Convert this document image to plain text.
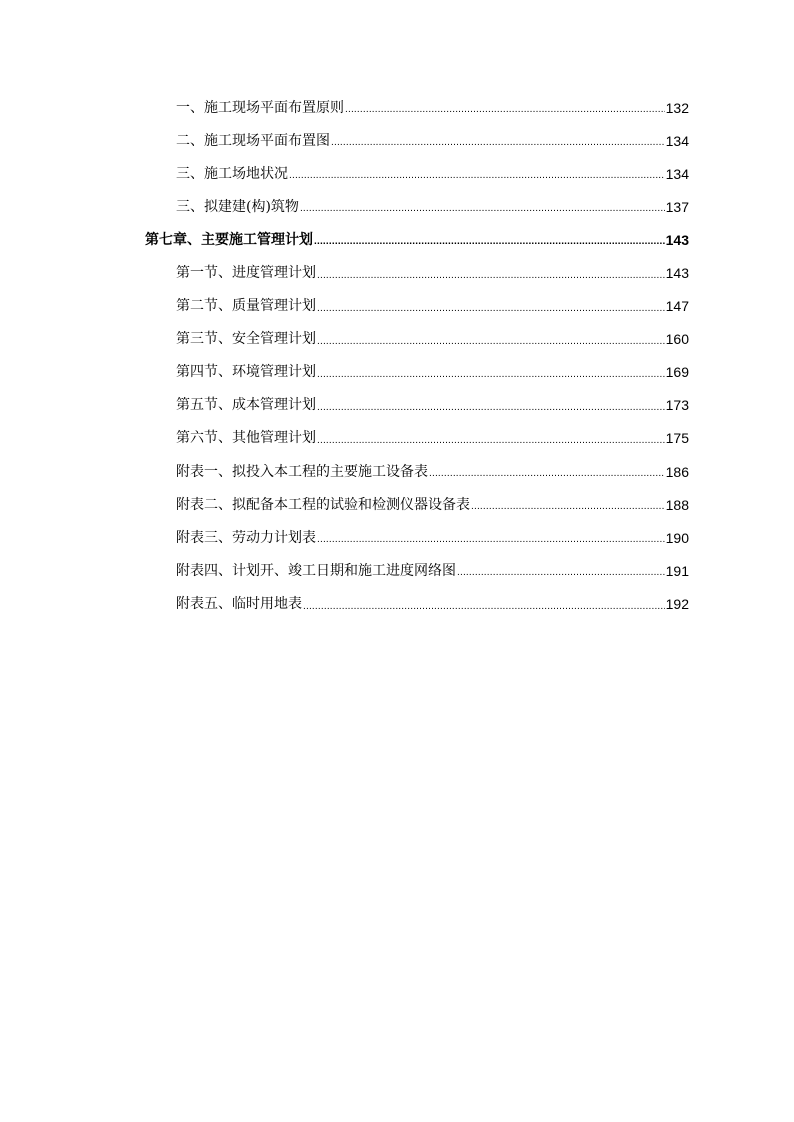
一、施工现场平面布置原则 .....	132
二、施工现场平面布置图 .....	134
三、施工场地状况 .....	134
三、拟建建(构)筑物 .....	137
第七章、主要施工管理计划 .....	143
第一节、进度管理计划 .....	143
第二节、质量管理计划 .....	147
第三节、安全管理计划 .....	160
第四节、环境管理计划 .....	169
第五节、成本管理计划 .....	173
第六节、其他管理计划 .....	175
附表一、拟投入本工程的主要施工设备表 .....	186
附表二、拟配备本工程的试验和检测仪器设备表 .....	188
附表三、劳动力计划表 .....	190
附表四、计划开、竣工日期和施工进度网络图 .....	191
附表五、临时用地表 .....	192
